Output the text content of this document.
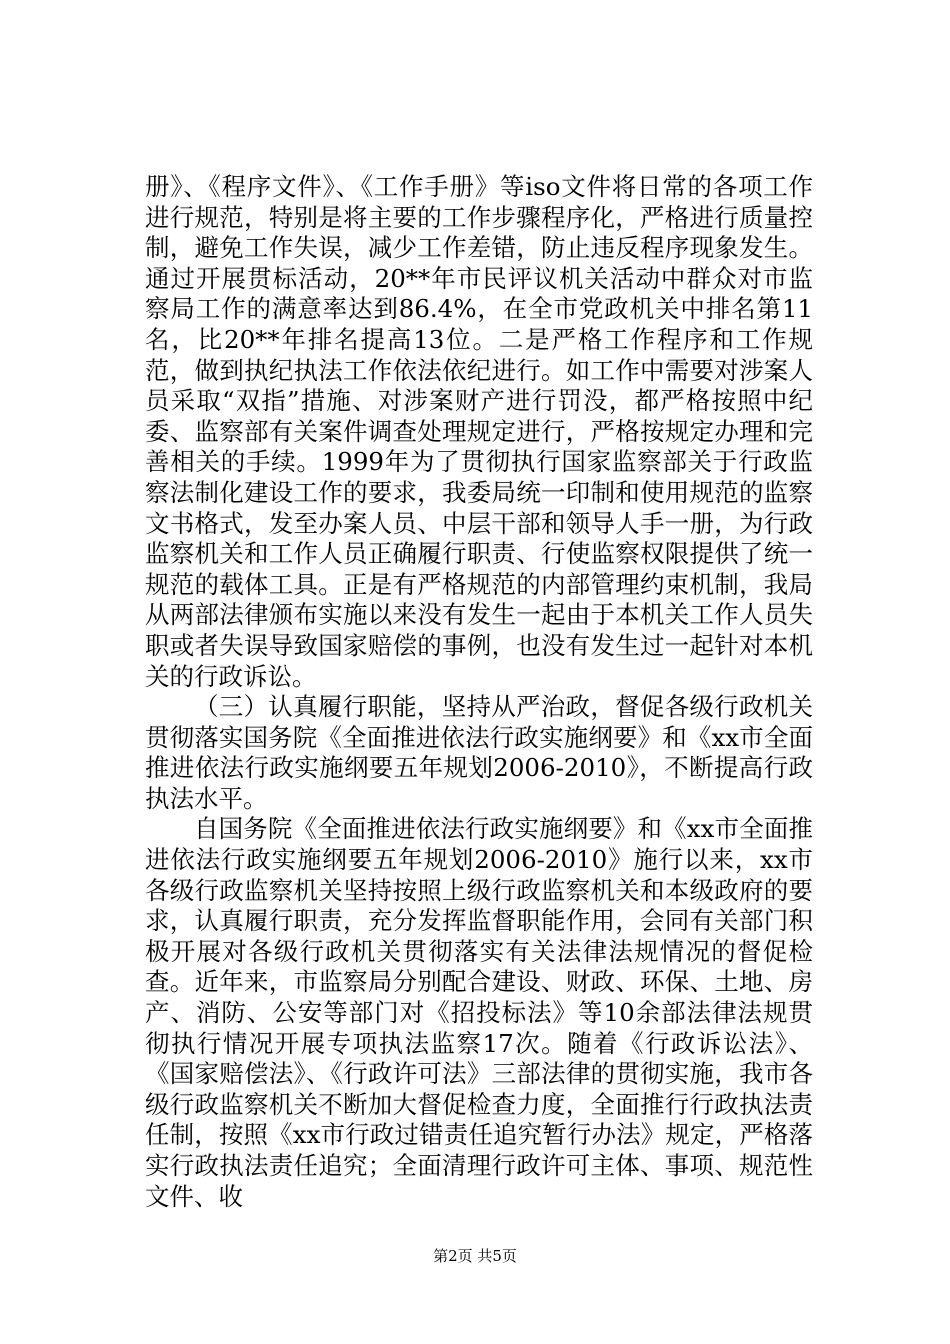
册》、《程序文件》、《工作手册》等iso文件将日常的各项工作进行规范，特别是将主要的工作步骤程序化，严格进行质量控制，避免工作失误，减少工作差错，防止违反程序现象发生。通过开展贯标活动，20**年市民评议机关活动中群众对市监察局工作的满意率达到86.4%，在全市党政机关中排名第11名，比20**年排名提高13位。二是严格工作程序和工作规范，做到执纪执法工作依法依纪进行。如工作中需要对涉案人员采取“双指”措施、对涉案财产进行罚没，都严格按照中纪委、监察部有关案件调查处理规定进行，严格按规定办理和完善相关的手续。1999年为了贯彻执行国家监察部关于行政监察法制化建设工作的要求，我委局统一印制和使用规范的监察文书格式，发至办案人员、中层干部和领导人手一册，为行政监察机关和工作人员正确履行职责、行使监察权限提供了统一规范的载体工具。正是有严格规范的内部管理约束机制，我局从两部法律颁布实施以来没有发生一起由于本机关工作人员失职或者失误导致国家赔偿的事例，也没有发生过一起针对本机关的行政诉讼。

（三）认真履行职能，坚持从严治政，督促各级行政机关贯彻落实国务院《全面推进依法行政实施纲要》和《xx市全面推进依法行政实施纲要五年规划2006-2010》，不断提高行政执法水平。

自国务院《全面推进依法行政实施纲要》和《xx市全面推进依法行政实施纲要五年规划2006-2010》施行以来，xx市各级行政监察机关坚持按照上级行政监察机关和本级政府的要求，认真履行职责，充分发挥监督职能作用，会同有关部门积极开展对各级行政机关贯彻落实有关法律法规情况的督促检查。近年来，市监察局分别配合建设、财政、环保、土地、房产、消防、公安等部门对《招投标法》等10余部法律法规贯彻执行情况开展专项执法监察17次。随着《行政诉讼法》、《国家赔偿法》、《行政许可法》三部法律的贯彻实施，我市各级行政监察机关不断加大督促检查力度，全面推行行政执法责任制，按照《xx市行政过错责任追究暂行办法》规定，严格落实行政执法责任追究；全面清理行政许可主体、事项、规范性文件、收

第2页 共5页
